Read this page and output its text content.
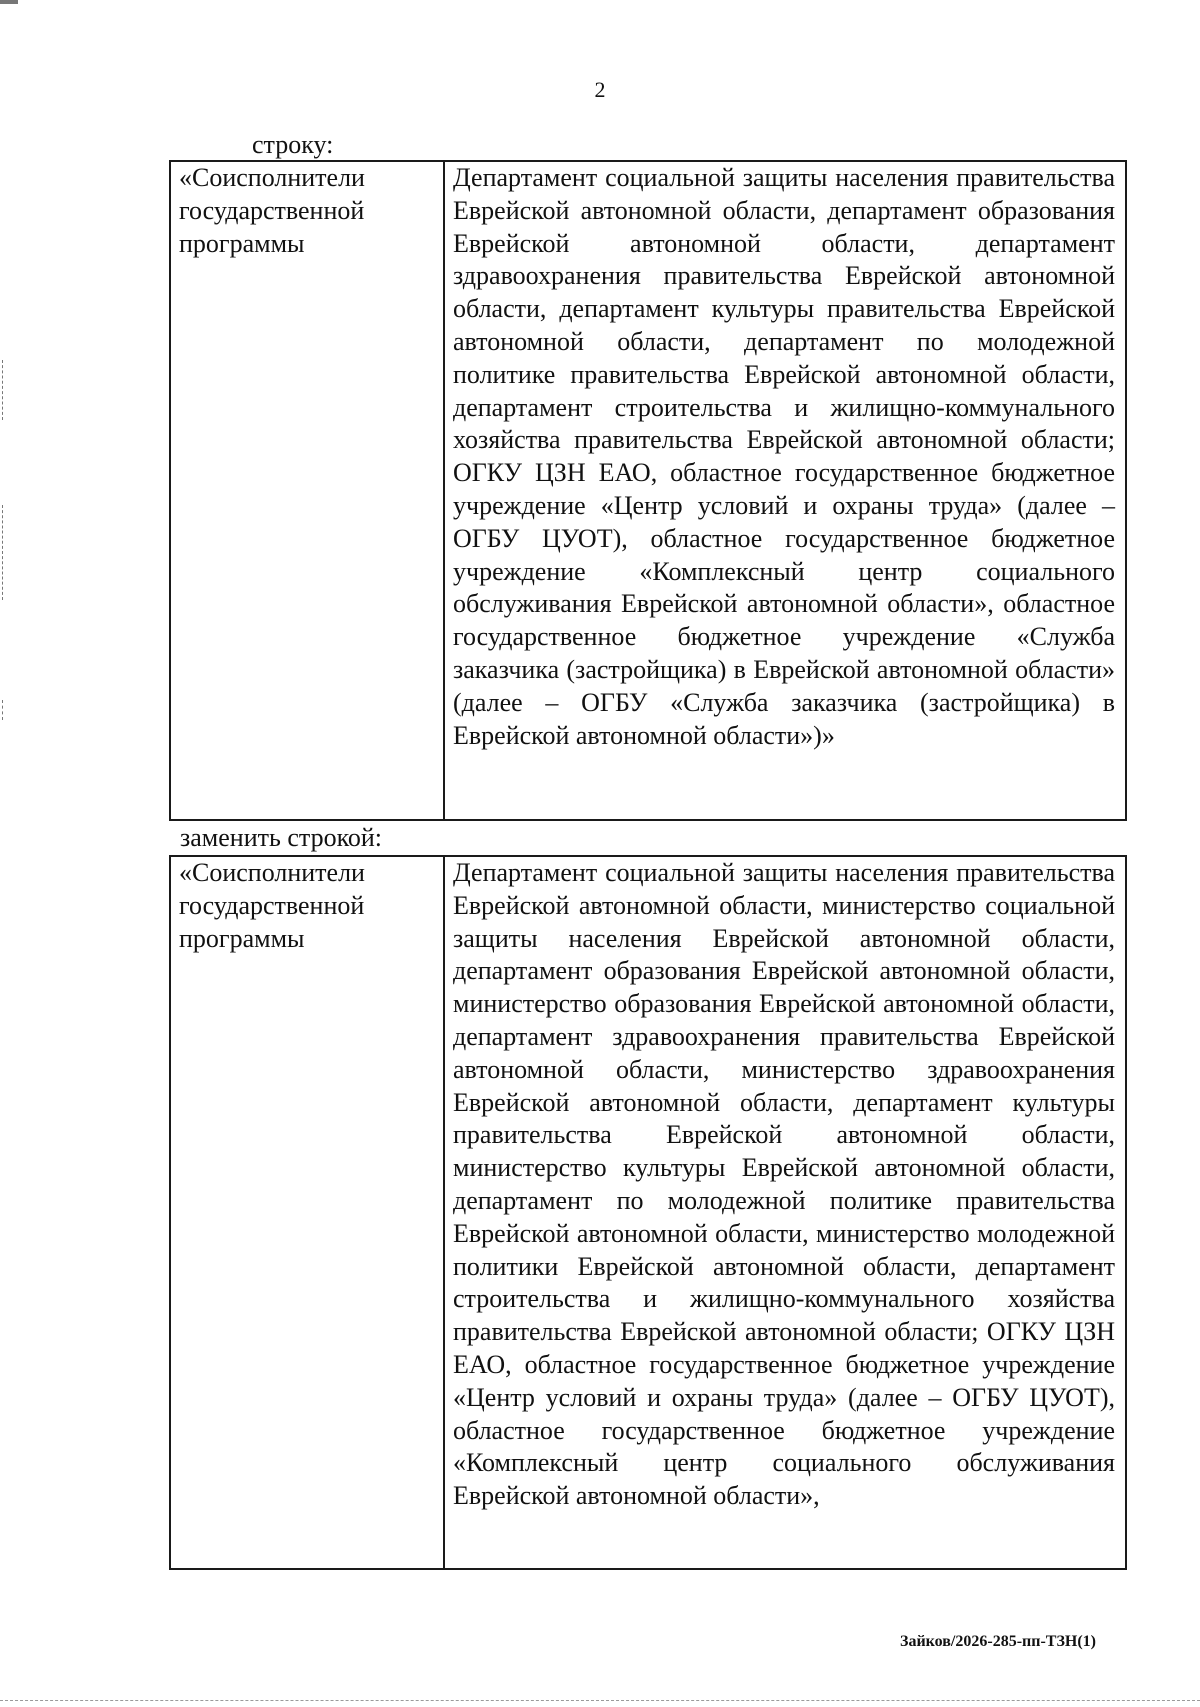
2
строку:
«Соисполнители государственной программы	Департамент социальной защиты населения правительства Еврейской автономной области, департамент образования Еврейской автономной области, департамент здравоохранения правительства Еврейской автономной области, департамент культуры правительства Еврейской автономной области, департамент по молодежной политике правительства Еврейской автономной области, департамент строительства и жилищно-коммунального хозяйства правительства Еврейской автономной области; ОГКУ ЦЗН ЕАО, областное государственное бюджетное учреждение «Центр условий и охраны труда» (далее – ОГБУ ЦУОТ), областное государственное бюджетное учреждение «Комплексный центр социального обслуживания Еврейской автономной области», областное государственное бюджетное учреждение «Служба заказчика (застройщика) в Еврейской автономной области» (далее – ОГБУ «Служба заказчика (застройщика) в Еврейской автономной области»)»
заменить строкой:
«Соисполнители государственной программы	Департамент социальной защиты населения правительства Еврейской автономной области, министерство социальной защиты населения Еврейской автономной области, департамент образования Еврейской автономной области, министерство образования Еврейской автономной области, департамент здравоохранения правительства Еврейской автономной области, министерство здравоохранения Еврейской автономной области, департамент культуры правительства Еврейской автономной области, министерство культуры Еврейской автономной области, департамент по молодежной политике правительства Еврейской автономной области, министерство молодежной политики Еврейской автономной области, департамент строительства и жилищно-коммунального хозяйства правительства Еврейской автономной области; ОГКУ ЦЗН ЕАО, областное государственное бюджетное учреждение «Центр условий и охраны труда» (далее – ОГБУ ЦУОТ), областное государственное бюджетное учреждение «Комплексный центр социального обслуживания Еврейской автономной области»,
Зайков/2026-285-пп-ТЗН(1)
